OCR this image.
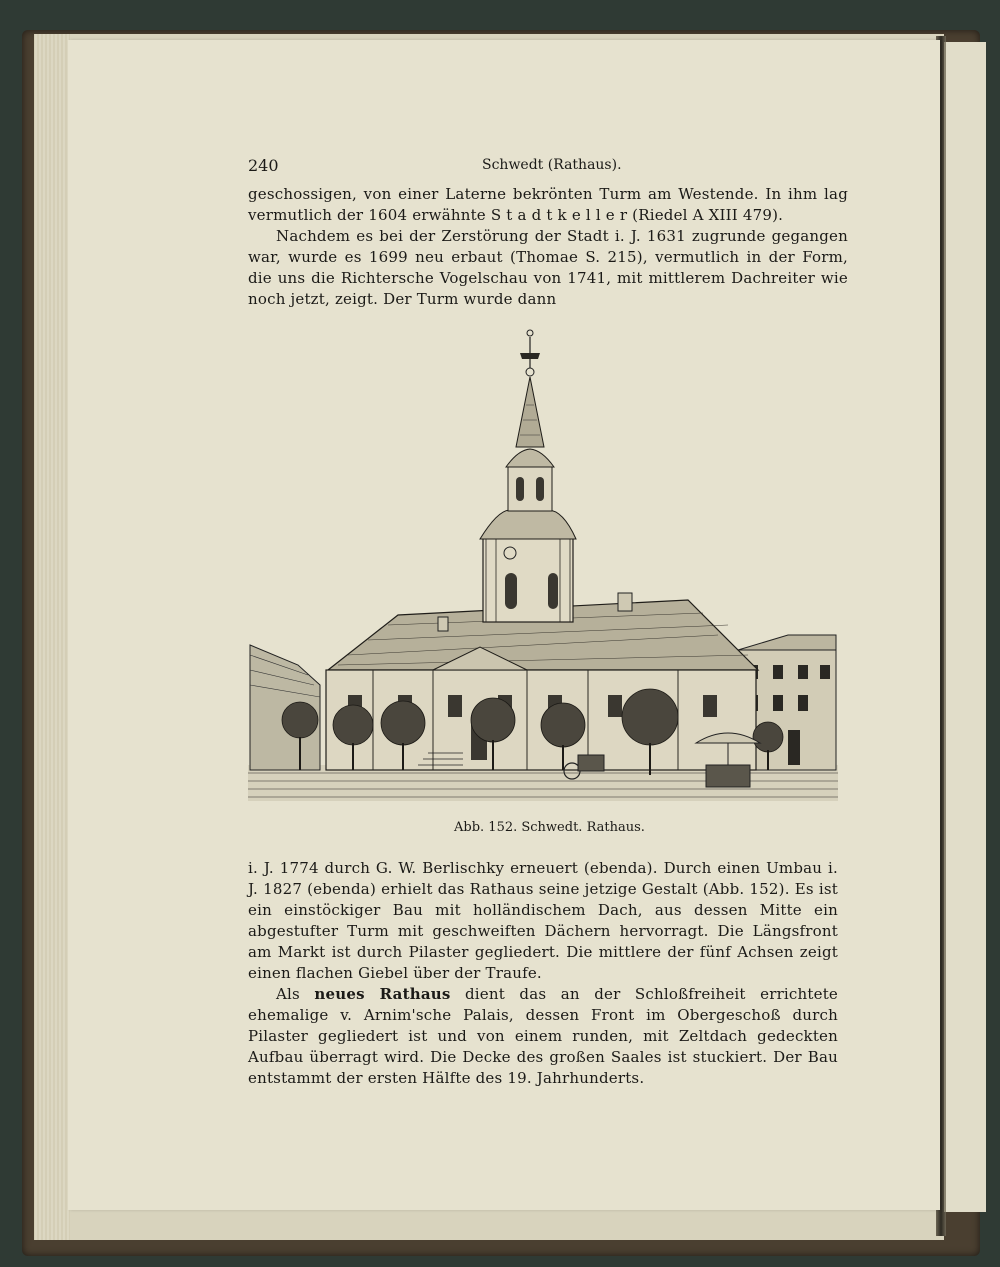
240	Schwedt (Rathaus).

geschossigen, von einer Laterne bekrönten Turm am Westende. In ihm lag vermutlich der 1604 erwähnte S t a d t k e l l e r (Riedel A XIII 479).

Nachdem es bei der Zerstörung der Stadt i. J. 1631 zugrunde gegangen war, wurde es 1699 neu erbaut (Thomae S. 215), vermutlich in der Form, die uns die Richtersche Vogelschau von 1741, mit mittlerem Dachreiter wie noch jetzt, zeigt. Der Turm wurde dann

Abb. 152. Schwedt. Rathaus.

i. J. 1774 durch G. W. Berlischky erneuert (ebenda). Durch einen Umbau i. J. 1827 (ebenda) erhielt das Rathaus seine jetzige Gestalt (Abb. 152). Es ist ein einstöckiger Bau mit holländischem Dach, aus dessen Mitte ein abgestufter Turm mit geschweiften Dächern hervorragt. Die Längsfront am Markt ist durch Pilaster gegliedert. Die mittlere der fünf Achsen zeigt einen flachen Giebel über der Traufe.

Als neues Rathaus dient das an der Schloßfreiheit errichtete ehemalige v. Arnim'sche Palais, dessen Front im Obergeschoß durch Pilaster gegliedert ist und von einem runden, mit Zeltdach gedeckten Aufbau überragt wird. Die Decke des großen Saales ist stuckiert. Der Bau entstammt der ersten Hälfte des 19. Jahrhunderts.
